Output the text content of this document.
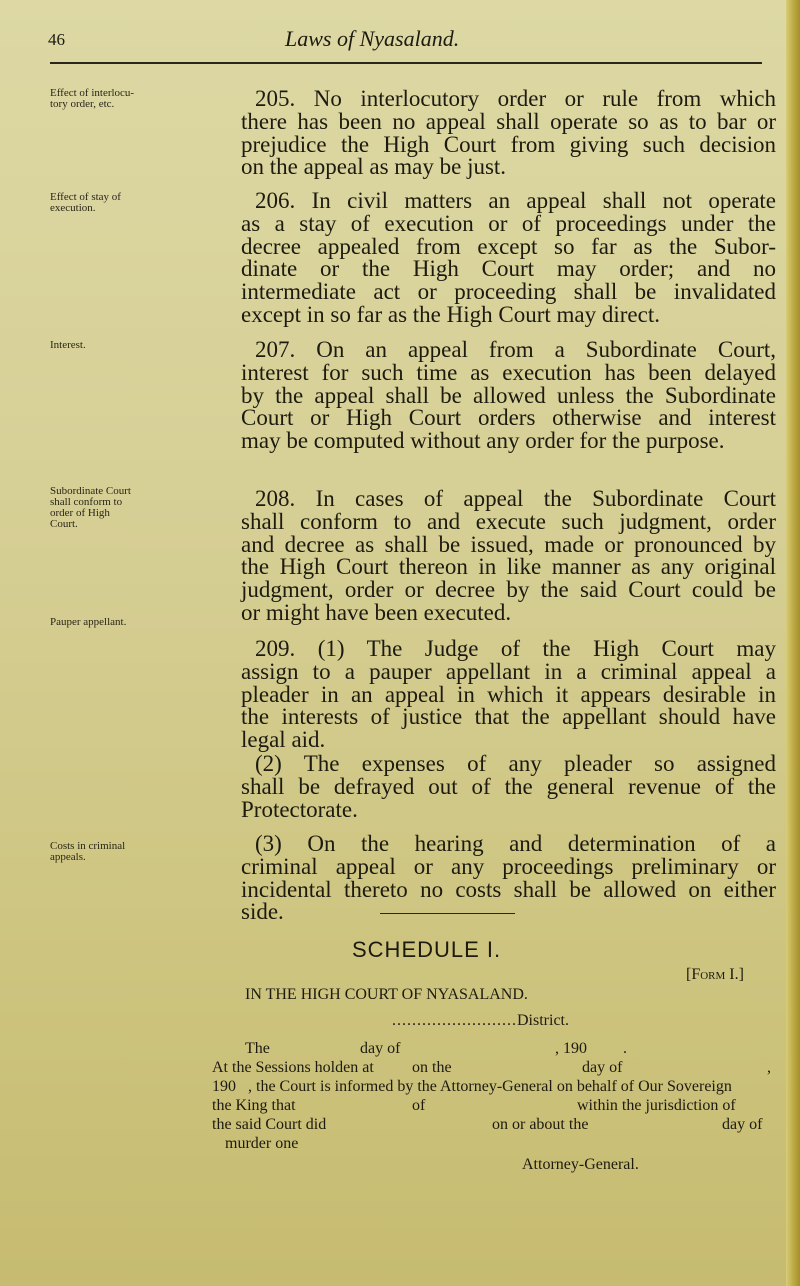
46	Laws of Nyasaland.
Effect of interlocu-
tory order, etc.
Effect of stay of
execution.
Interest.
Subordinate Court
shall conform to
order of High
Court.
Pauper appellant.
Costs in criminal
appeals.
205. No interlocutory order or rule from which
there has been no appeal shall operate so as to bar or
prejudice the High Court from giving such decision
on the appeal as may be just.
206. In civil matters an appeal shall not operate
as a stay of execution or of proceedings under the
decree appealed from except so far as the Subor-
dinate or the High Court may order; and no
intermediate act or proceeding shall be invalidated
except in so far as the High Court may direct.
207. On an appeal from a Subordinate Court,
interest for such time as execution has been delayed
by the appeal shall be allowed unless the Subordinate
Court or High Court orders otherwise and interest
may be computed without any order for the purpose.
208. In cases of appeal the Subordinate Court
shall conform to and execute such judgment, order
and decree as shall be issued, made or pronounced by
the High Court thereon in like manner as any original
judgment, order or decree by the said Court could be
or might have been executed.
209. (1) The Judge of the High Court may
assign to a pauper appellant in a criminal appeal a
pleader in an appeal in which it appears desirable in
the interests of justice that the appellant should have
legal aid.
(2) The expenses of any pleader so assigned
shall be defrayed out of the general revenue of the
Protectorate.
(3) On the hearing and determination of a
criminal appeal or any proceedings preliminary or
incidental thereto no costs shall be allowed on either
side.
SCHEDULE I.
[Form I.]
IN THE HIGH COURT OF NYASALAND.
.........................District.
The	day of	, 190 .
At the Sessions holden at on the	day of	,
190   , the Court is informed by the Attorney-General on behalf of Our Sovereign
the King that	of	within the jurisdiction of
the said Court did	on or about the	day of
murder one
Attorney-General.
